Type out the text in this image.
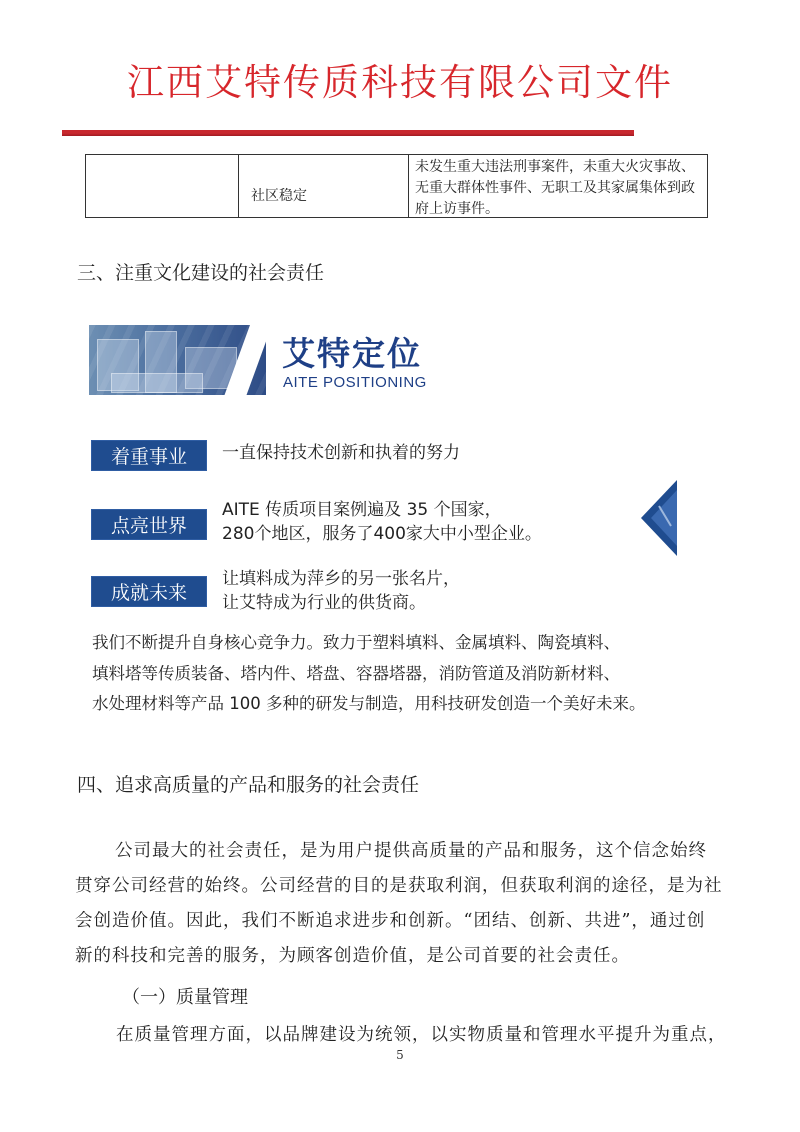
江西艾特传质科技有限公司文件
社区稳定
未发生重大违法刑事案件，未重大火灾事故、无重大群体性事件、无职工及其家属集体到政府上访事件。
三、注重文化建设的社会责任
艾特定位
AITE POSITIONING
着重事业	一直保持技术创新和执着的努力
点亮世界
AITE 传质项目案例遍及 35 个国家，
280个地区，服务了400家大中小型企业。
成就未来
让填料成为萍乡的另一张名片，
让艾特成为行业的供货商。
我们不断提升自身核心竞争力。致力于塑料填料、金属填料、陶瓷填料、
填料塔等传质装备、塔内件、塔盘、容器塔器，消防管道及消防新材料、
水处理材料等产品 100 多种的研发与制造，用科技研发创造一个美好未来。
四、追求高质量的产品和服务的社会责任
公司最大的社会责任，是为用户提供高质量的产品和服务，这个信念始终贯穿公司经营的始终。公司经营的目的是获取利润，但获取利润的途径，是为社会创造价值。因此，我们不断追求进步和创新。“团结、创新、共进”，通过创新的科技和完善的服务，为顾客创造价值，是公司首要的社会责任。
（一）质量管理
在质量管理方面，以品牌建设为统领，以实物质量和管理水平提升为重点，
5
